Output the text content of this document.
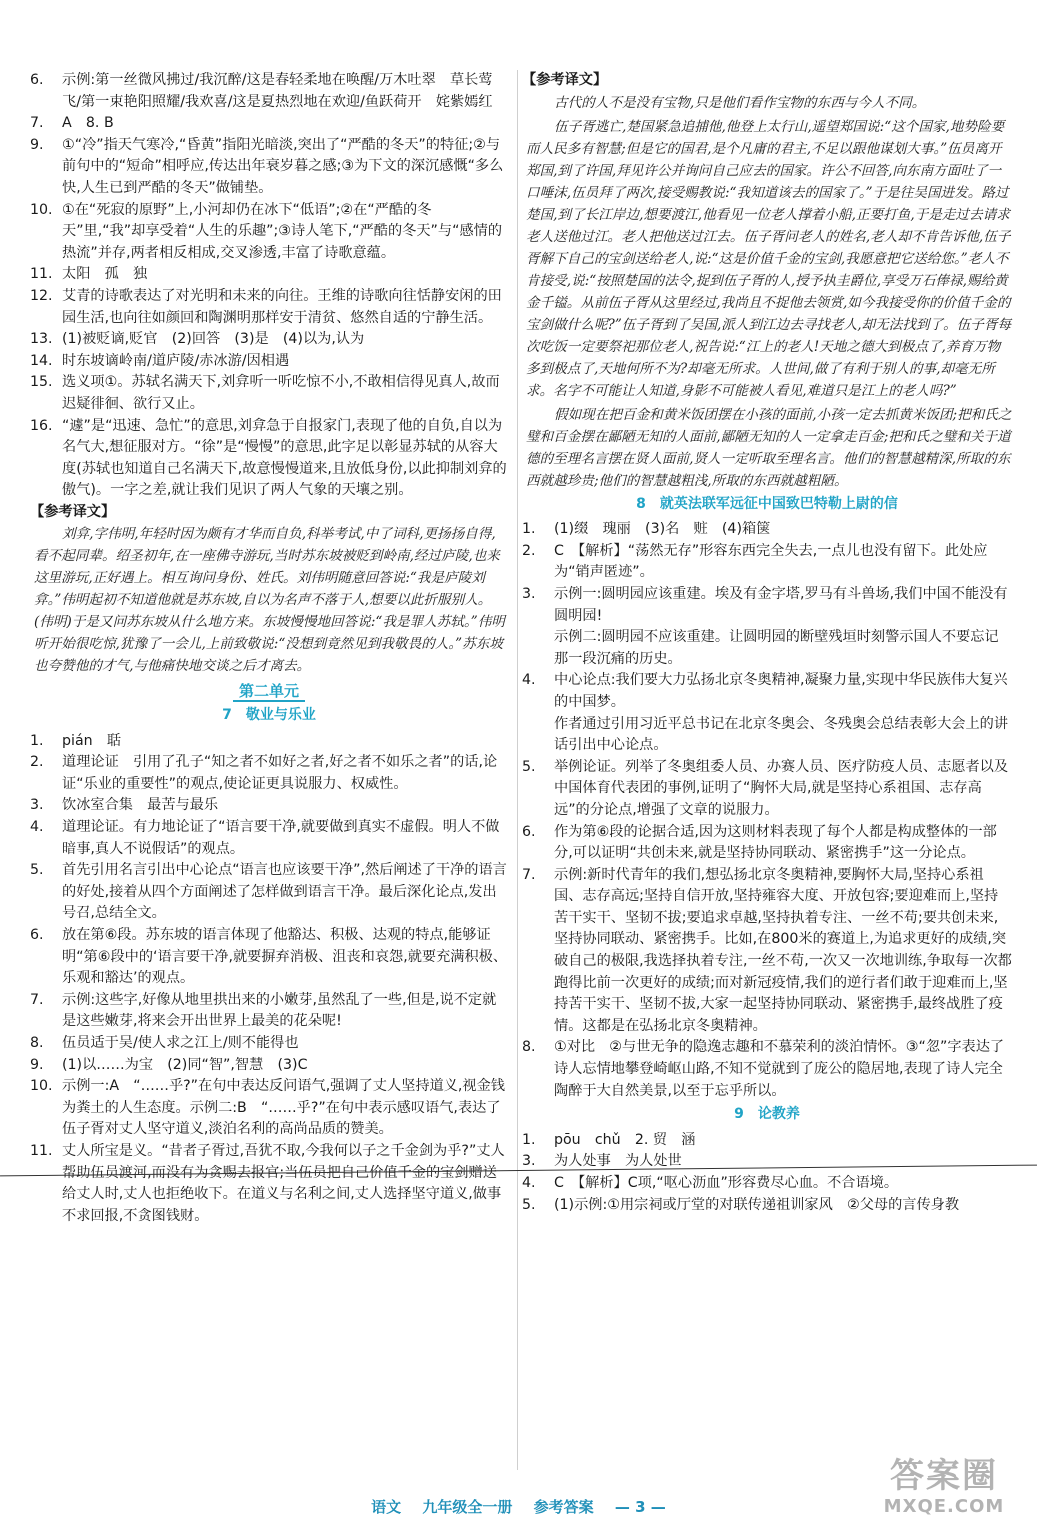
6.	示例:第一丝微风拂过/我沉醉/这是春轻柔地在唤醒/万木吐翠　草长莺飞/第一束艳阳照耀/我欢喜/这是夏热烈地在欢迎/鱼跃荷开　姹紫嫣红
7.	A　8. B
9.	①“冷”指天气寒冷,“昏黄”指阳光暗淡,突出了“严酷的冬天”的特征;②与前句中的“短命”相呼应,传达出年衰岁暮之感;③为下文的深沉感慨“多么快,人生已到严酷的冬天”做铺垫。
10. ①在“死寂的原野”上,小河却仍在冰下“低语”;②在“严酷的冬天”里,“我”却享受着“人生的乐趣”;③诗人笔下,“严酷的冬天”与“感情的热流”并存,两者相反相成,交叉渗透,丰富了诗歌意蕴。
11. 太阳　孤　独
12. 艾青的诗歌表达了对光明和未来的向往。王维的诗歌向往恬静安闲的田园生活,也向往如颜回和陶渊明那样安于清贫、悠然自适的宁静生活。
13. (1)被贬谪,贬官　(2)回答　(3)是　(4)以为,认为
14. 时东坡谪岭南/道庐陵/赤冰游/因相遇
15. 选义项①。苏轼名满天下,刘弇听一听吃惊不小,不敢相信得见真人,故而迟疑徘徊、欲行又止。
16. “遽”是“迅速、急忙”的意思,刘弇急于自报家门,表现了他的自负,自以为名气大,想征服对方。“徐”是“慢慢”的意思,此字足以彰显苏轼的从容大度(苏轼也知道自己名满天下,故意慢慢道来,且放低身份,以此抑制刘弇的傲气)。一字之差,就让我们见识了两人气象的天壤之别。
【参考译文】
刘弇,字伟明,年轻时因为颇有才华而自负,科举考试,中了词科,更扬扬自得,看不起同辈。绍圣初年,在一座佛寺游玩,当时苏东坡被贬到岭南,经过庐陵,也来这里游玩,正好遇上。相互询问身份、姓氏。刘伟明随意回答说:“我是庐陵刘弇。”伟明起初不知道他就是苏东坡,自以为名声不落于人,想要以此折服别人。(伟明)于是又问苏东坡从什么地方来。东坡慢慢地回答说:“我是罪人苏轼。”伟明听开始很吃惊,犹豫了一会儿,上前致敬说:“没想到竟然见到我敬畏的人。”苏东坡也夸赞他的才气,与他痛快地交谈之后才离去。
第二单元
7　敬业与乐业
1.	pián　聒
2.	道理论证　引用了孔子“知之者不如好之者,好之者不如乐之者”的话,论证“乐业的重要性”的观点,使论证更具说服力、权威性。
3.	饮冰室合集　最苦与最乐
4.	道理论证。有力地论证了“语言要干净,就要做到真实不虚假。明人不做暗事,真人不说假话”的观点。
5.	首先引用名言引出中心论点“语言也应该要干净”,然后阐述了干净的语言的好处,接着从四个方面阐述了怎样做到语言干净。最后深化论点,发出号召,总结全文。
6.	放在第⑥段。苏东坡的语言体现了他豁达、积极、达观的特点,能够证明“第⑥段中的‘语言要干净,就要摒弃消极、沮丧和哀怨,就要充满积极、乐观和豁达’的观点。
7.	示例:这些字,好像从地里拱出来的小嫩芽,虽然乱了一些,但是,说不定就是这些嫩芽,将来会开出世界上最美的花朵呢!
8.	伍员适于吴/使人求之江上/则不能得也
9.	(1)以……为宝　(2)同“智”,智慧　(3)C
10. 示例一:A　“……乎?”在句中表达反问语气,强调了丈人坚持道义,视金钱为粪土的人生态度。示例二:B　“……乎?”在句中表示感叹语气,表达了伍子胥对丈人坚守道义,淡泊名利的高尚品质的赞美。
11. 丈人所宝是义。“昔者子胥过,吾犹不取,今我何以子之千金剑为乎?”丈人帮助伍员渡河,而没有为贪赐去报官;当伍员把自己价值千金的宝剑赠送给丈人时,丈人也拒绝收下。在道义与名利之间,丈人选择坚守道义,做事不求回报,不贪图钱财。
【参考译文】
古代的人不是没有宝物,只是他们看作宝物的东西与今人不同。
伍子胥逃亡,楚国紧急追捕他,他登上太行山,遥望郑国说:“这个国家,地势险要而人民多有智慧;但是它的国君,是个凡庸的君主,不足以跟他谋划大事。”伍员离开郑国,到了许国,拜见许公并询问自己应去的国家。许公不回答,向东南方面吐了一口唾沫,伍员拜了两次,接受赐教说:“我知道该去的国家了。”于是往吴国进发。路过楚国,到了长江岸边,想要渡江,他看见一位老人撑着小船,正要打鱼,于是走过去请求老人送他过江。老人把他送过江去。伍子胥问老人的姓名,老人却不肯告诉他,伍子胥解下自己的宝剑送给老人,说:“这是价值千金的宝剑,我愿意把它送给您。”老人不肯接受,说:“按照楚国的法令,捉到伍子胥的人,授予执圭爵位,享受万石俸禄,赐给黄金千镒。从前伍子胥从这里经过,我尚且不捉他去领赏,如今我接受你的价值千金的宝剑做什么呢?”伍子胥到了吴国,派人到江边去寻找老人,却无法找到了。伍子胥每次吃饭一定要祭祀那位老人,祝告说:“江上的老人!天地之德大到极点了,养育万物多到极点了,天地何所不为?却毫无所求。人世间,做了有利于别人的事,却毫无所求。名字不可能让人知道,身影不可能被人看见,难道只是江上的老人吗?”
假如现在把百金和黄米饭团摆在小孩的面前,小孩一定去抓黄米饭团;把和氏之璧和百金摆在鄙陋无知的人面前,鄙陋无知的人一定拿走百金;把和氏之璧和关于道德的至理名言摆在贤人面前,贤人一定听取至理名言。他们的智慧越精深,所取的东西就越珍贵;他们的智慧越粗浅,所取的东西就越粗陋。
8　就英法联军远征中国致巴特勒上尉的信
1.	(1)缀　瑰丽　(3)名　赃　(4)箱箧
2.	C　【解析】“荡然无存”形容东西完全失去,一点儿也没有留下。此处应为“销声匿迹”。
3.	示例一:圆明园应该重建。埃及有金字塔,罗马有斗兽场,我们中国不能没有圆明园!
示例二:圆明园不应该重建。让圆明园的断壁残垣时刻警示国人不要忘记那一段沉痛的历史。
4.	中心论点:我们要大力弘扬北京冬奥精神,凝聚力量,实现中华民族伟大复兴的中国梦。
作者通过引用习近平总书记在北京冬奥会、冬残奥会总结表彰大会上的讲话引出中心论点。
5.	举例论证。列举了冬奥组委人员、办赛人员、医疗防疫人员、志愿者以及中国体育代表团的事例,证明了“胸怀大局,就是坚持心系祖国、志存高远”的分论点,增强了文章的说服力。
6.	作为第⑥段的论据合适,因为这则材料表现了每个人都是构成整体的一部分,可以证明“共创未来,就是坚持协同联动、紧密携手”这一分论点。
7.	示例:新时代青年的我们,想弘扬北京冬奥精神,要胸怀大局,坚持心系祖国、志存高远;坚持自信开放,坚持雍容大度、开放包容;要迎难而上,坚持苦干实干、坚韧不拔;要追求卓越,坚持执着专注、一丝不苟;要共创未来,坚持协同联动、紧密携手。比如,在800米的赛道上,为追求更好的成绩,突破自己的极限,我选择执着专注,一丝不苟,一次又一次地训练,争取每一次都跑得比前一次更好的成绩;而对新冠疫情,我们的逆行者们敢于迎难而上,坚持苦干实干、坚韧不拔,大家一起坚持协同联动、紧密携手,最终战胜了疫情。这都是在弘扬北京冬奥精神。
8.	①对比　②与世无争的隐逸志趣和不慕荣利的淡泊情怀。③“忽”字表达了诗人忘情地攀登崎岖山路,不知不觉就到了庞公的隐居地,表现了诗人完全陶醉于大自然美景,以至于忘乎所以。
9　论教养
1.	pōu　chǔ　2. 贸　涵
3.	为人处事　为人处世
4.	C　【解析】C项,“呕心沥血”形容费尽心血。不合语境。
5.	(1)示例:①用宗祠或厅堂的对联传递祖训家风　②父母的言传身教
语文 九年级全一册 参考答案 — 3 —
答案圈
MXQE.COM
